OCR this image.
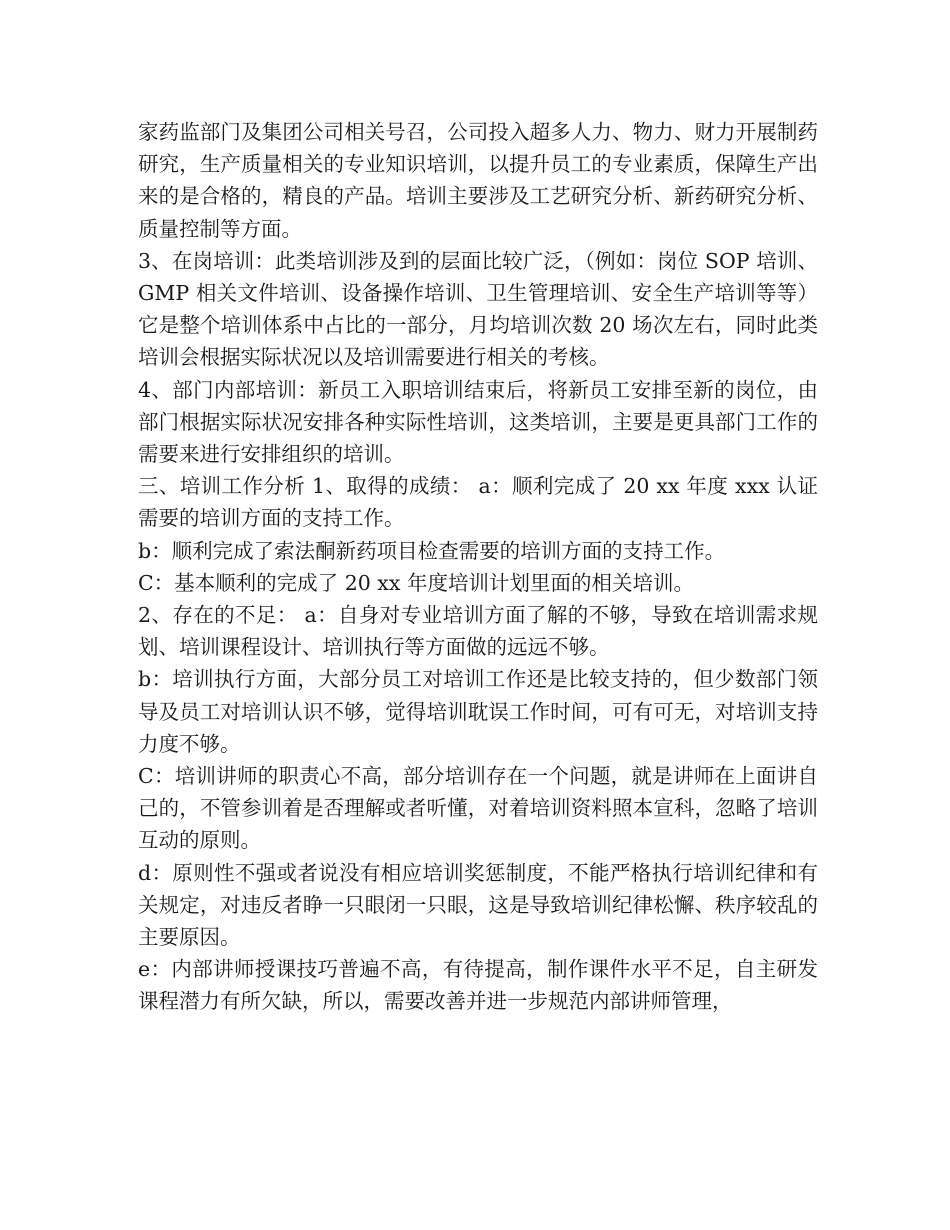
家药监部门及集团公司相关号召，公司投入超多人力、物力、财力开展制药研究，生产质量相关的专业知识培训，以提升员工的专业素质，保障生产出来的是合格的，精良的产品。培训主要涉及工艺研究分析、新药研究分析、质量控制等方面。

3、在岗培训：此类培训涉及到的层面比较广泛，（例如：岗位 SOP 培训、GMP 相关文件培训、设备操作培训、卫生管理培训、安全生产培训等等）它是整个培训体系中占比的一部分，月均培训次数 20 场次左右，同时此类培训会根据实际状况以及培训需要进行相关的考核。

4、部门内部培训：新员工入职培训结束后，将新员工安排至新的岗位，由部门根据实际状况安排各种实际性培训，这类培训，主要是更具部门工作的需要来进行安排组织的培训。

三、培训工作分析 1、取得的成绩： a：顺利完成了 20 xx 年度 xxx 认证需要的培训方面的支持工作。

b：顺利完成了索法酮新药项目检查需要的培训方面的支持工作。

C：基本顺利的完成了 20 xx 年度培训计划里面的相关培训。

2、存在的不足： a：自身对专业培训方面了解的不够，导致在培训需求规划、培训课程设计、培训执行等方面做的远远不够。

b：培训执行方面，大部分员工对培训工作还是比较支持的，但少数部门领导及员工对培训认识不够，觉得培训耽误工作时间，可有可无，对培训支持力度不够。

C：培训讲师的职责心不高，部分培训存在一个问题，就是讲师在上面讲自己的，不管参训着是否理解或者听懂，对着培训资料照本宣科，忽略了培训互动的原则。

d：原则性不强或者说没有相应培训奖惩制度，不能严格执行培训纪律和有关规定，对违反者睁一只眼闭一只眼，这是导致培训纪律松懈、秩序较乱的主要原因。

e：内部讲师授课技巧普遍不高，有待提高，制作课件水平不足，自主研发课程潜力有所欠缺，所以，需要改善并进一步规范内部讲师管理，
